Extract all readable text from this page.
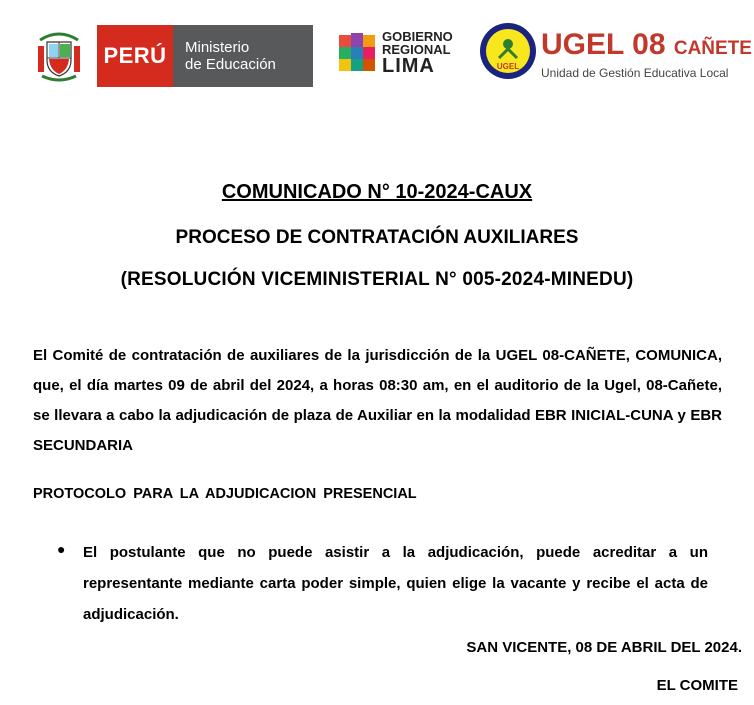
PERÚ	Ministerio
de Educación
GOBIERNO
REGIONAL
LIMA	UGEL
UGEL 08 CAÑETE
Unidad de Gestión Educativa Local
COMUNICADO N° 10-2024-CAUX
PROCESO DE CONTRATACIÓN AUXILIARES
(RESOLUCIÓN VICEMINISTERIAL N° 005-2024-MINEDU)
El Comité de contratación de auxiliares de la jurisdicción de la UGEL 08-CAÑETE, COMUNICA, que, el día martes 09 de abril del 2024, a horas 08:30 am, en el auditorio de la Ugel, 08-Cañete, se llevara a cabo la adjudicación de plaza de Auxiliar en la modalidad EBR INICIAL-CUNA y EBR SECUNDARIA
PROTOCOLO PARA LA ADJUDICACION PRESENCIAL
● El postulante que no puede asistir a la adjudicación, puede acreditar a un representante mediante carta poder simple, quien elige la vacante y recibe el acta de adjudicación.
SAN VICENTE, 08 DE ABRIL DEL 2024.
EL COMITE
